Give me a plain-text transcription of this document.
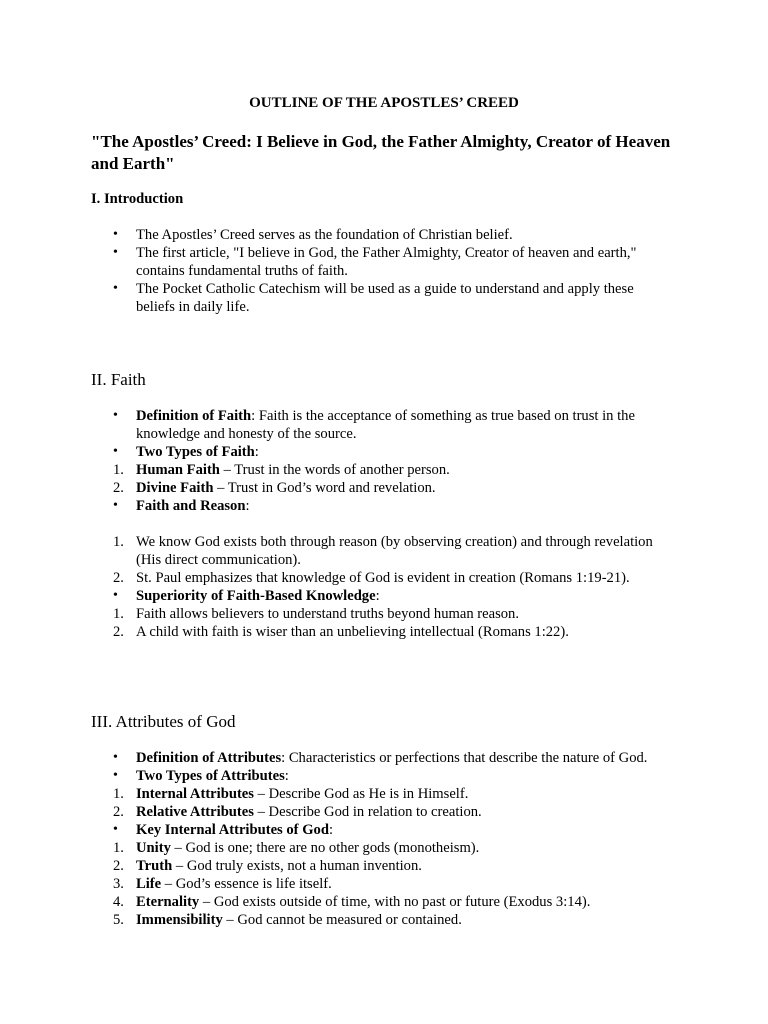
OUTLINE OF THE APOSTLES’ CREED
"The Apostles’ Creed: I Believe in God, the Father Almighty, Creator of Heaven and Earth"
I. Introduction
• The Apostles’ Creed serves as the foundation of Christian belief.
• The first article, "I believe in God, the Father Almighty, Creator of heaven and earth," contains fundamental truths of faith.
• The Pocket Catholic Catechism will be used as a guide to understand and apply these beliefs in daily life.
II. Faith
• Definition of Faith: Faith is the acceptance of something as true based on trust in the knowledge and honesty of the source.
• Two Types of Faith:
1. Human Faith – Trust in the words of another person.
2. Divine Faith – Trust in God’s word and revelation.
• Faith and Reason:
1. We know God exists both through reason (by observing creation) and through revelation (His direct communication).
2. St. Paul emphasizes that knowledge of God is evident in creation (Romans 1:19-21).
• Superiority of Faith-Based Knowledge:
1. Faith allows believers to understand truths beyond human reason.
2. A child with faith is wiser than an unbelieving intellectual (Romans 1:22).
III. Attributes of God
• Definition of Attributes: Characteristics or perfections that describe the nature of God.
• Two Types of Attributes:
1. Internal Attributes – Describe God as He is in Himself.
2. Relative Attributes – Describe God in relation to creation.
• Key Internal Attributes of God:
1. Unity – God is one; there are no other gods (monotheism).
2. Truth – God truly exists, not a human invention.
3. Life – God’s essence is life itself.
4. Eternality – God exists outside of time, with no past or future (Exodus 3:14).
5. Immensibility – God cannot be measured or contained.
